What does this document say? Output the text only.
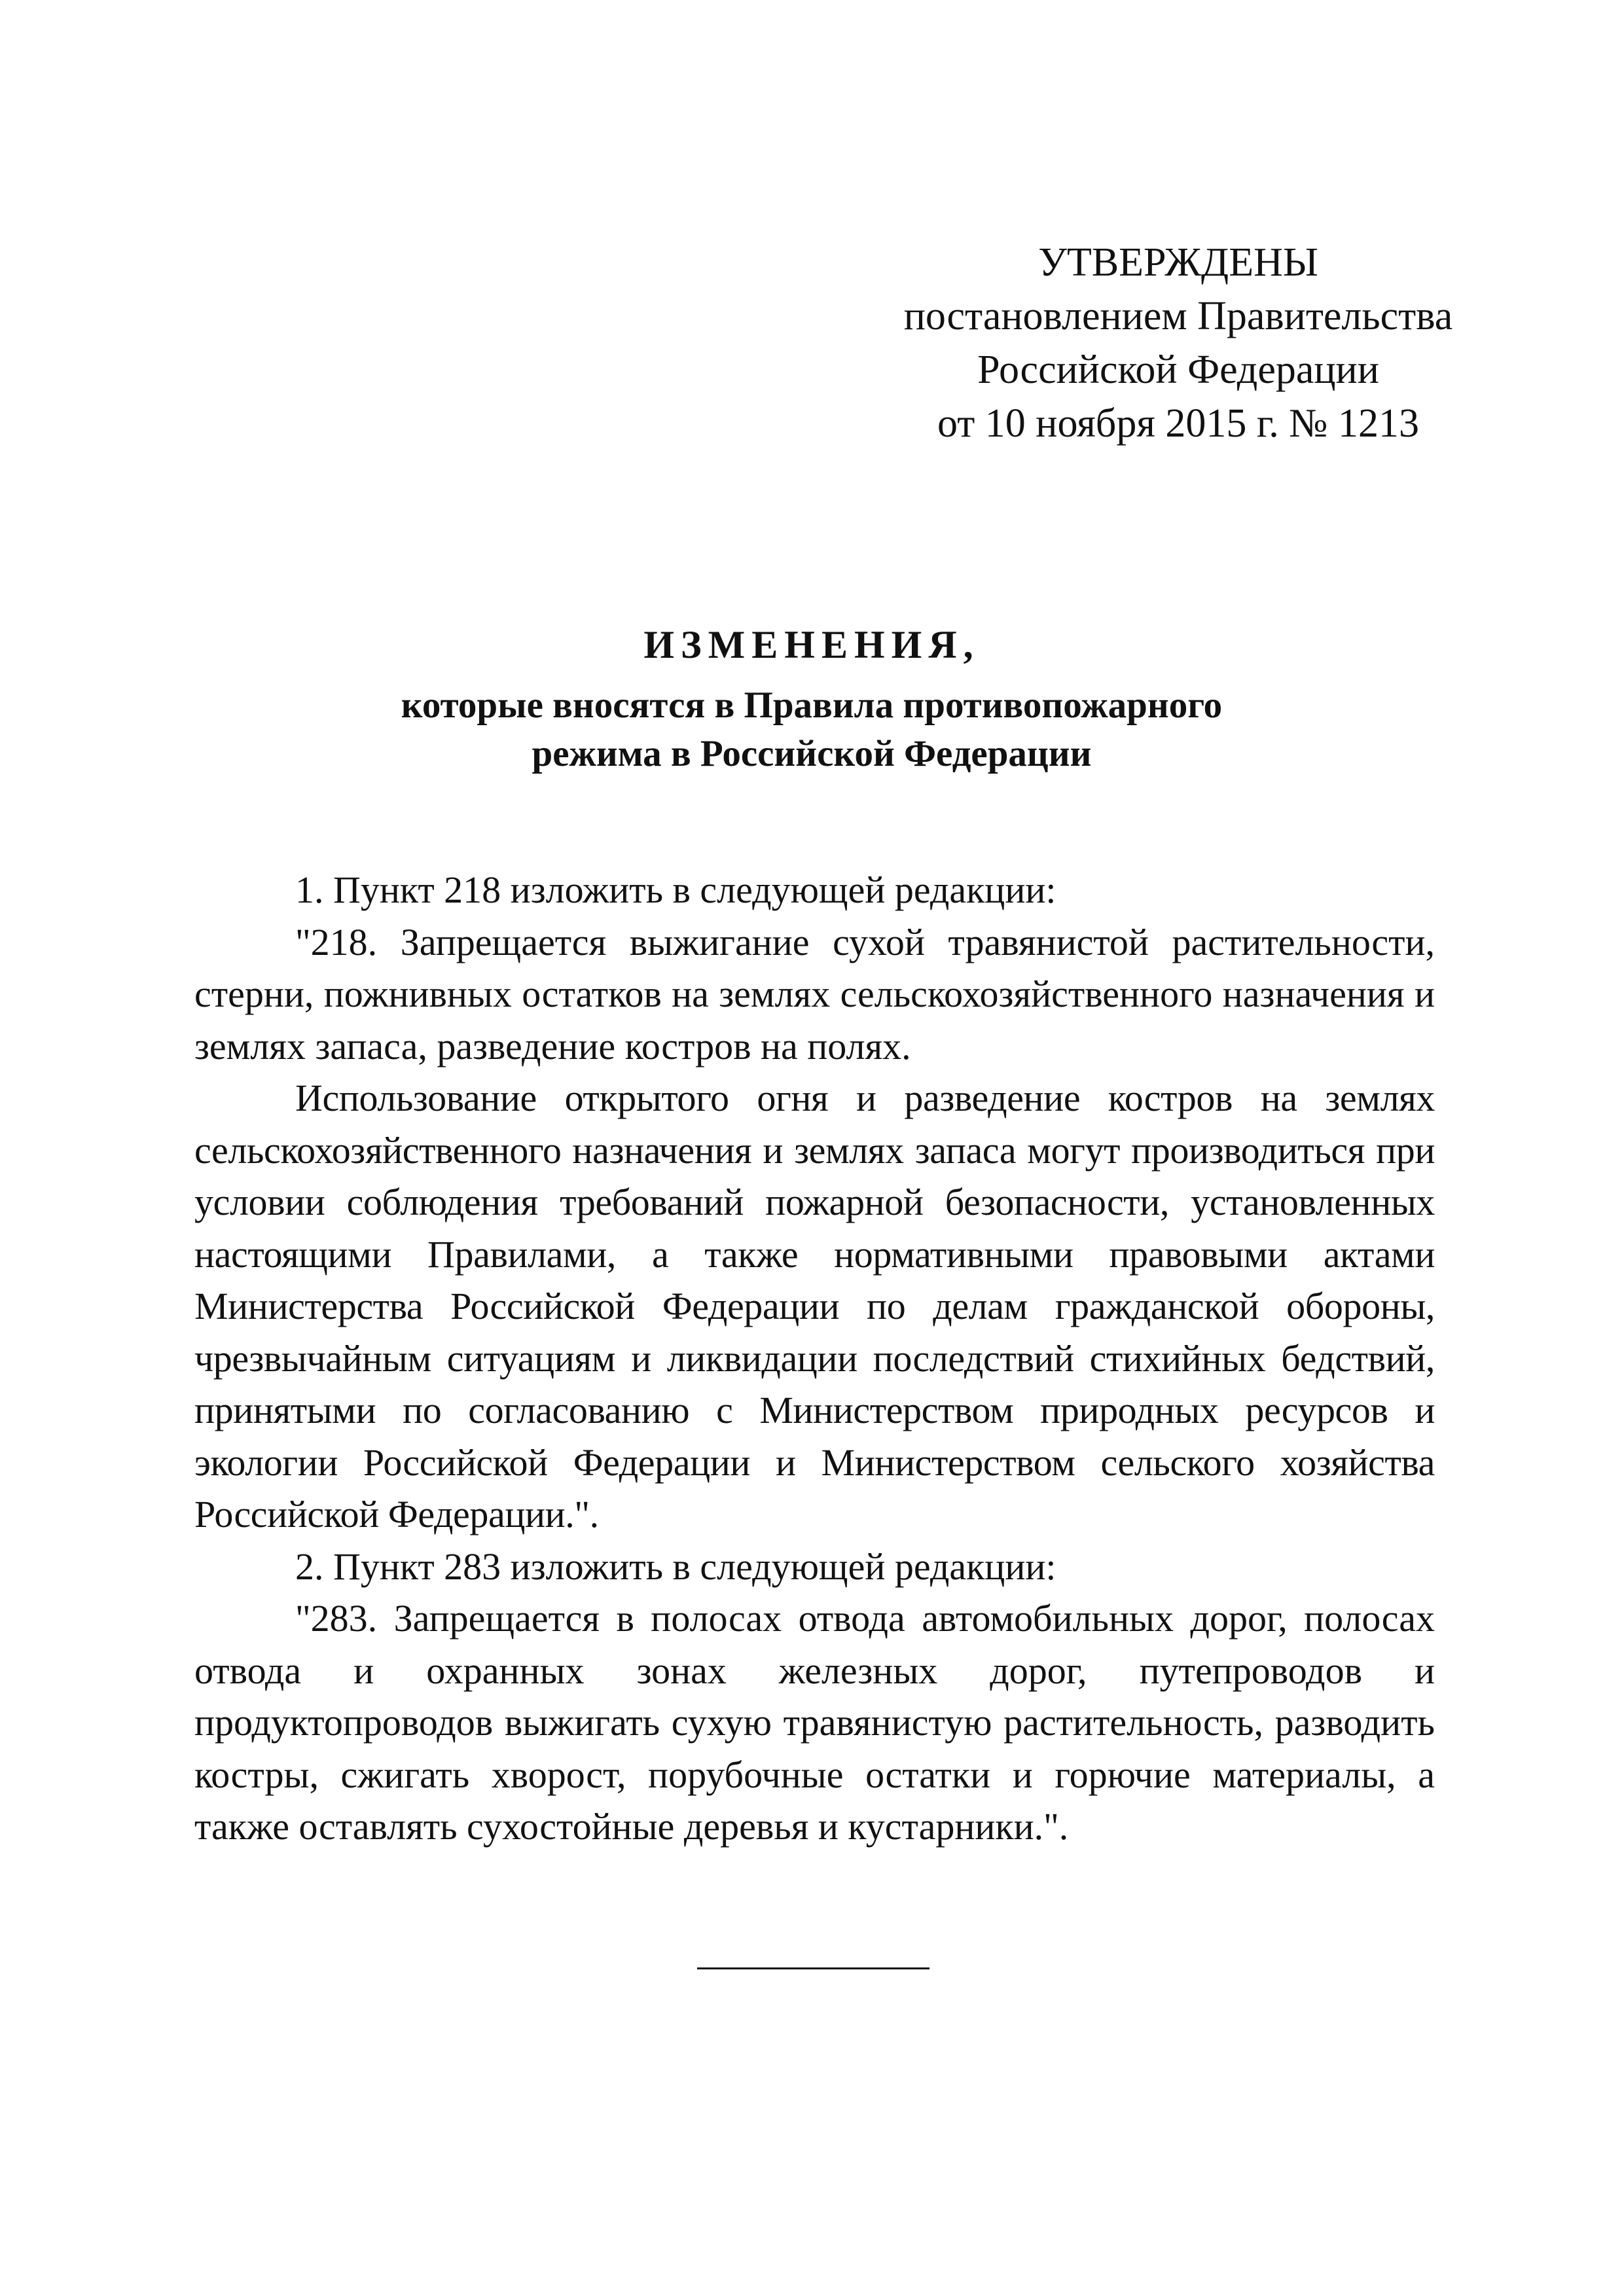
УТВЕРЖДЕНЫ
постановлением Правительства
Российской Федерации
от 10 ноября 2015 г. № 1213
ИЗМЕНЕНИЯ,
которые вносятся в Правила противопожарного
режима в Российской Федерации

1. Пункт 218 изложить в следующей редакции:

"218. Запрещается выжигание сухой травянистой растительности, стерни, пожнивных остатков на землях сельскохозяйственного назначения и землях запаса, разведение костров на полях.

Использование открытого огня и разведение костров на землях сельскохозяйственного назначения и землях запаса могут производиться при условии соблюдения требований пожарной безопасности, установленных настоящими Правилами, а также нормативными правовыми актами Министерства Российской Федерации по делам гражданской обороны, чрезвычайным ситуациям и ликвидации последствий стихийных бедствий, принятыми по согласованию с Министерством природных ресурсов и экологии Российской Федерации и Министерством сельского хозяйства Российской Федерации.".

2. Пункт 283 изложить в следующей редакции:

"283. Запрещается в полосах отвода автомобильных дорог, полосах отвода и охранных зонах железных дорог, путепроводов и продуктопроводов выжигать сухую травянистую растительность, разводить костры, сжигать хворост, порубочные остатки и горючие материалы, а также оставлять сухостойные деревья и кустарники.".
